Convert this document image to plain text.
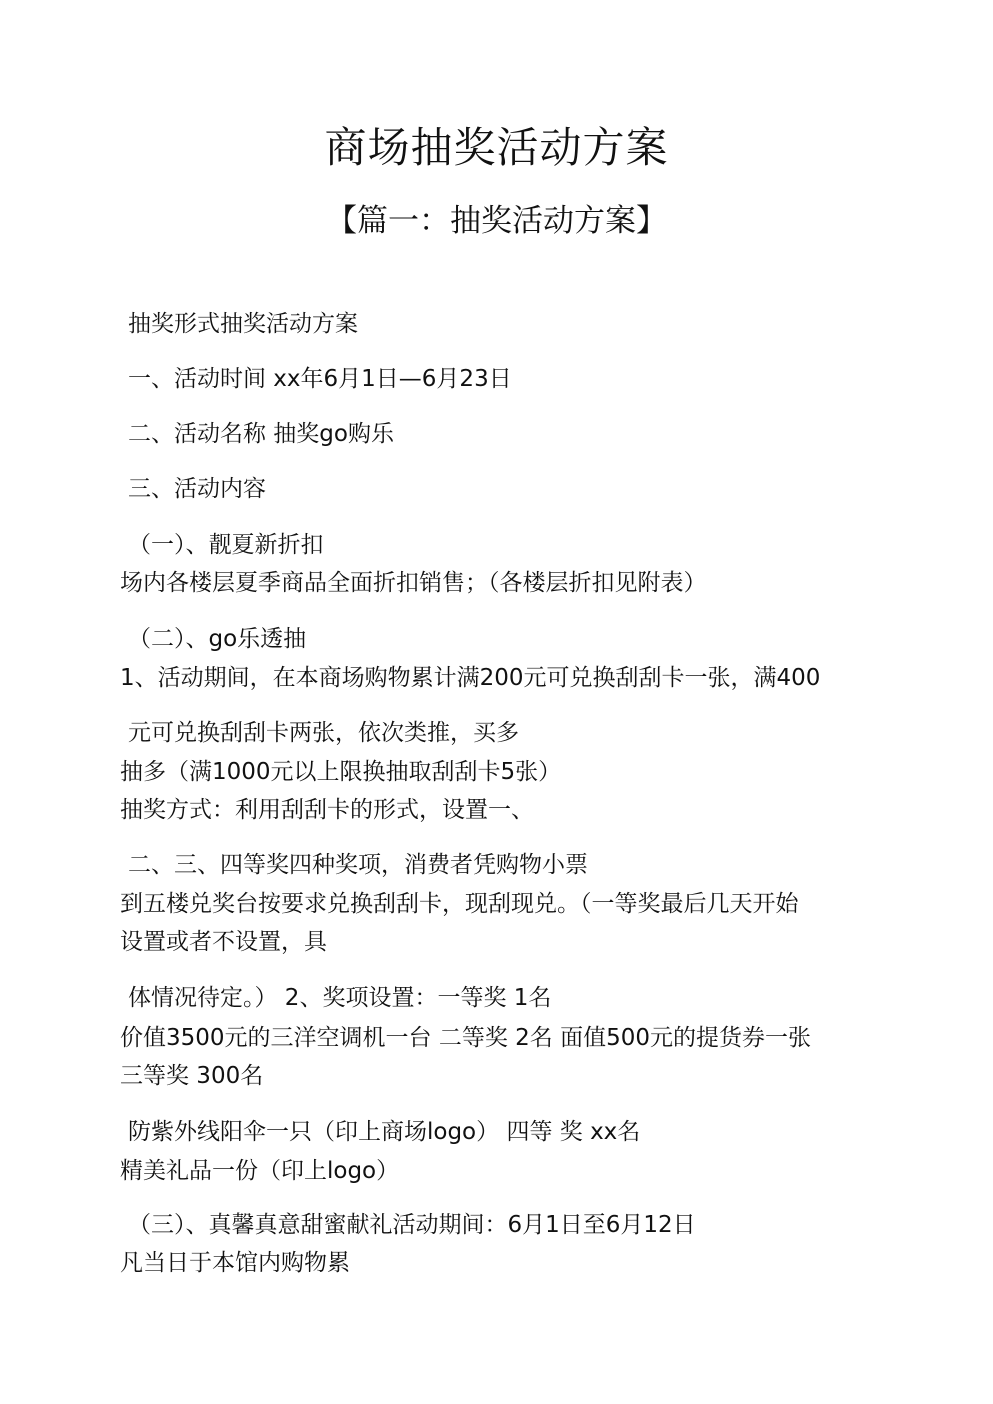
商场抽奖活动方案
【篇一：抽奖活动方案】
抽奖形式抽奖活动方案
一、活动时间 xx年6月1日—6月23日
二、活动名称 抽奖go购乐
三、活动内容
（一）、靓夏新折扣
场内各楼层夏季商品全面折扣销售；（各楼层折扣见附表）
（二）、go乐透抽
1、活动期间，在本商场购物累计满200元可兑换刮刮卡一张，满400
元可兑换刮刮卡两张，依次类推，买多
抽多（满1000元以上限换抽取刮刮卡5张）
抽奖方式：利用刮刮卡的形式，设置一、
二、三、四等奖四种奖项，消费者凭购物小票
到五楼兑奖台按要求兑换刮刮卡，现刮现兑。（一等奖最后几天开始
设置或者不设置，具
体情况待定。） 2、奖项设置：一等奖 1名
价值3500元的三洋空调机一台 二等奖 2名 面值500元的提货券一张
三等奖 300名
防紫外线阳伞一只（印上商场logo） 四等 奖 xx名
精美礼品一份（印上logo）
（三）、真馨真意甜蜜献礼活动期间：6月1日至6月12日
凡当日于本馆内购物累
